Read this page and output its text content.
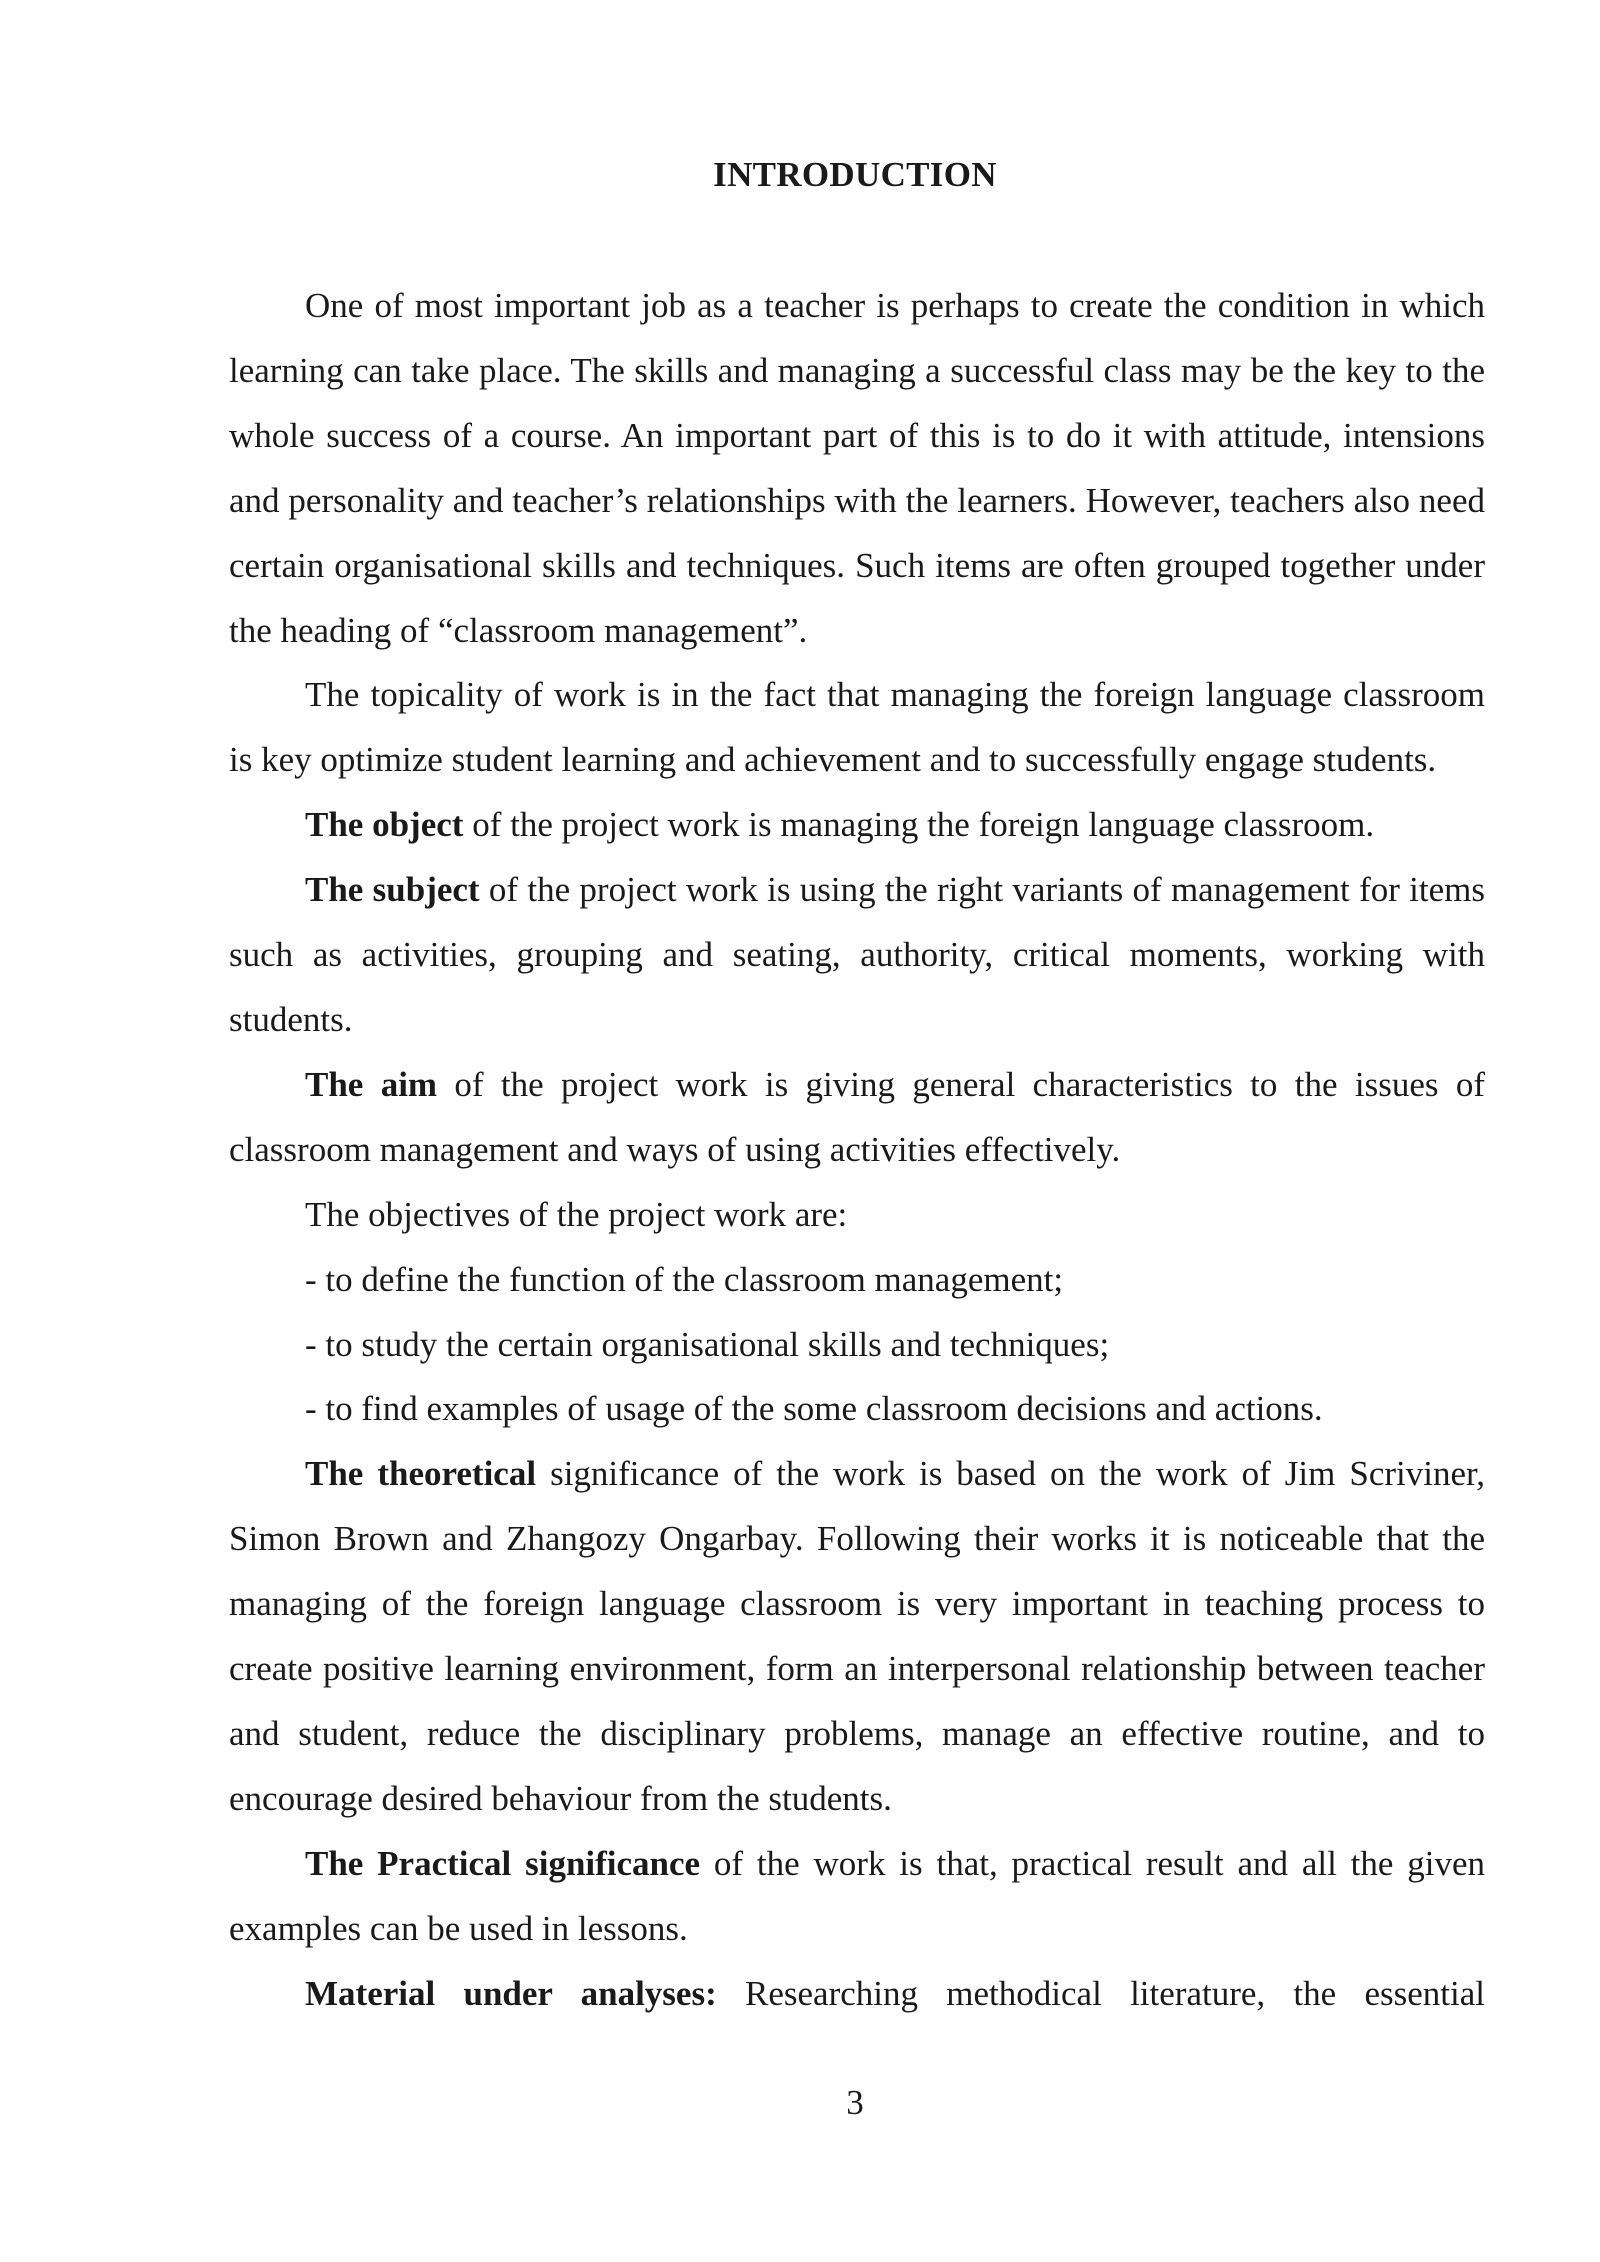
INTRODUCTION

One of most important job as a teacher is perhaps to create the condition in which learning can take place. The skills and managing a successful class may be the key to the whole success of a course. An important part of this is to do it with attitude, intensions and personality and teacher’s relationships with the learners. However, teachers also need certain organisational skills and techniques. Such items are often grouped together under the heading of “classroom management”.

The topicality of work is in the fact that managing the foreign language classroom is key optimize student learning and achievement and to successfully engage students.

The object of the project work is managing the foreign language classroom.

The subject of the project work is using the right variants of management for items such as activities, grouping and seating, authority, critical moments, working with students.

The aim of the project work is giving general characteristics to the issues of classroom management and ways of using activities effectively.

The objectives of the project work are:

- to define the function of the classroom management;
- to study the certain organisational skills and techniques;
- to find examples of usage of the some classroom decisions and actions.

The theoretical significance of the work is based on the work of Jim Scriviner, Simon Brown and Zhangozy Ongarbay. Following their works it is noticeable that the managing of the foreign language classroom is very important in teaching process to create positive learning environment, form an interpersonal relationship between teacher and student, reduce the disciplinary problems, manage an effective routine, and to encourage desired behaviour from the students.

The Practical significance of the work is that, practical result and all the given examples can be used in lessons.

Material under analyses: Researching methodical literature, the essential

3
